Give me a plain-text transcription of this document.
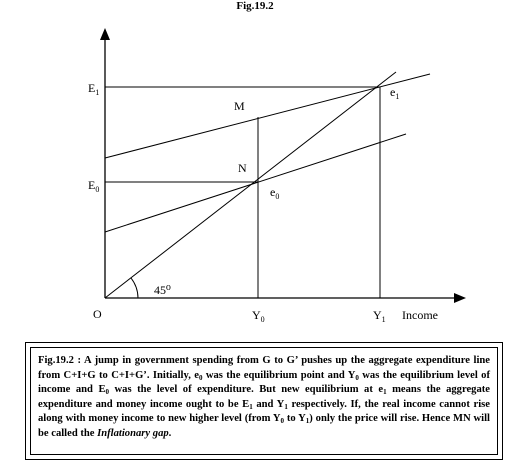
Fig.19.2
45⁰
O	Income
$E_1$
$E_0$
M
N
$e_0$
$e_1$
$Y_0$	$Y_1$
Fig.19.2 : A jump in government spending from G to G’ pushes up the aggregate expenditure line from C+I+G to C+I+G’. Initially, $e_0$ was the equilibrium point and $Y_0$ was the equilibrium level of income and $E_0$ was the level of expenditure. But new equilibrium at $e_1$ means the aggregate expenditure and money income ought to be $E_1$ and $Y_1$ respectively. If, the real income cannot rise along with money income to new higher level (from $Y_0$ to $Y_1$) only the price will rise. Hence MN will be called the Inflationary gap.
